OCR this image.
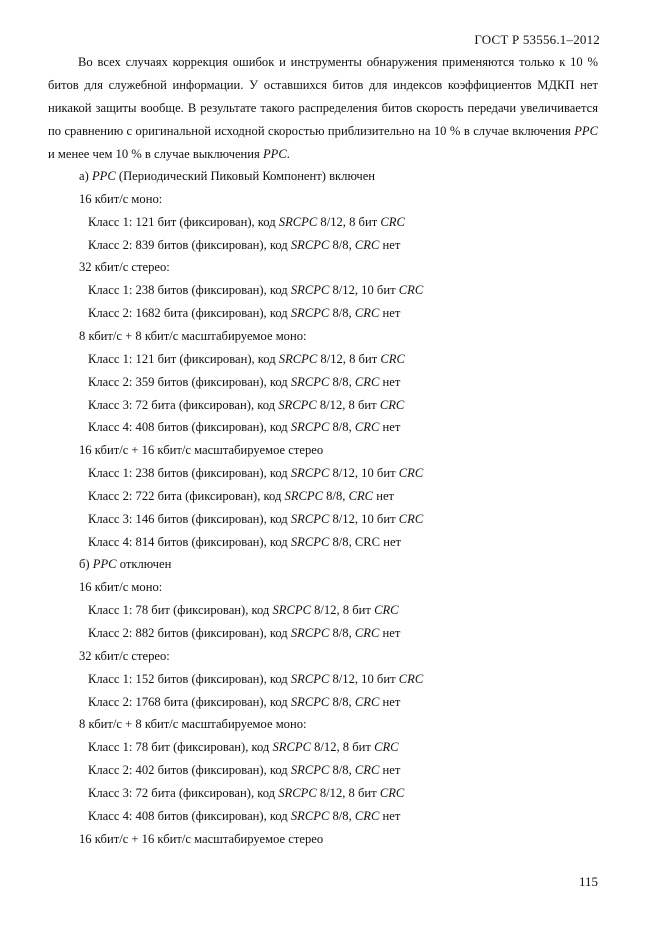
ГОСТ Р 53556.1–2012
Во всех случаях коррекция ошибок и инструменты обнаружения применяются только к 10 % битов для служебной информации. У оставшихся битов для индексов коэффициентов МДКП нет никакой защиты вообще. В результате такого распределения битов скорость передачи увеличивается по сравнению с оригинальной исходной скоростью приблизительно на 10 % в случае включения PPC и менее чем 10 % в случае выключения PPC.
а) PPC (Периодический Пиковый Компонент) включен
16 кбит/с моно:
Класс 1: 121 бит (фиксирован), код SRCPC 8/12, 8 бит CRC
Класс 2: 839 битов (фиксирован), код SRCPC 8/8, CRC нет
32 кбит/с стерео:
Класс 1: 238 битов (фиксирован), код SRCPC 8/12, 10 бит CRC
Класс 2: 1682 бита (фиксирован), код SRCPC 8/8, CRC нет
8 кбит/с + 8 кбит/с масштабируемое моно:
Класс 1: 121 бит (фиксирован), код SRCPC 8/12, 8 бит CRC
Класс 2: 359 битов (фиксирован), код SRCPC 8/8, CRC нет
Класс 3: 72 бита (фиксирован), код SRCPC 8/12, 8 бит CRC
Класс 4: 408 битов (фиксирован), код SRCPC 8/8, CRC нет
16 кбит/с + 16 кбит/с масштабируемое стерео
Класс 1: 238 битов (фиксирован), код SRCPC 8/12, 10 бит CRC
Класс 2: 722 бита (фиксирован), код SRCPC 8/8, CRC нет
Класс 3: 146 битов (фиксирован), код SRCPC 8/12, 10 бит CRC
Класс 4: 814 битов (фиксирован), код SRCPC 8/8, CRC нет
б) PPC отключен
16 кбит/с моно:
Класс 1: 78 бит (фиксирован), код SRCPC 8/12, 8 бит CRC
Класс 2: 882 битов (фиксирован), код SRCPC 8/8, CRC нет
32 кбит/с стерео:
Класс 1: 152 битов (фиксирован), код SRCPC 8/12, 10 бит CRC
Класс 2: 1768 бита (фиксирован), код SRCPC 8/8, CRC нет
8 кбит/с + 8 кбит/с масштабируемое моно:
Класс 1: 78 бит (фиксирован), код SRCPC 8/12, 8 бит CRC
Класс 2: 402 битов (фиксирован), код SRCPC 8/8, CRC нет
Класс 3: 72 бита (фиксирован), код SRCPC 8/12, 8 бит CRC
Класс 4: 408 битов (фиксирован), код SRCPC 8/8, CRC нет
16 кбит/с + 16 кбит/с масштабируемое стерео
115
